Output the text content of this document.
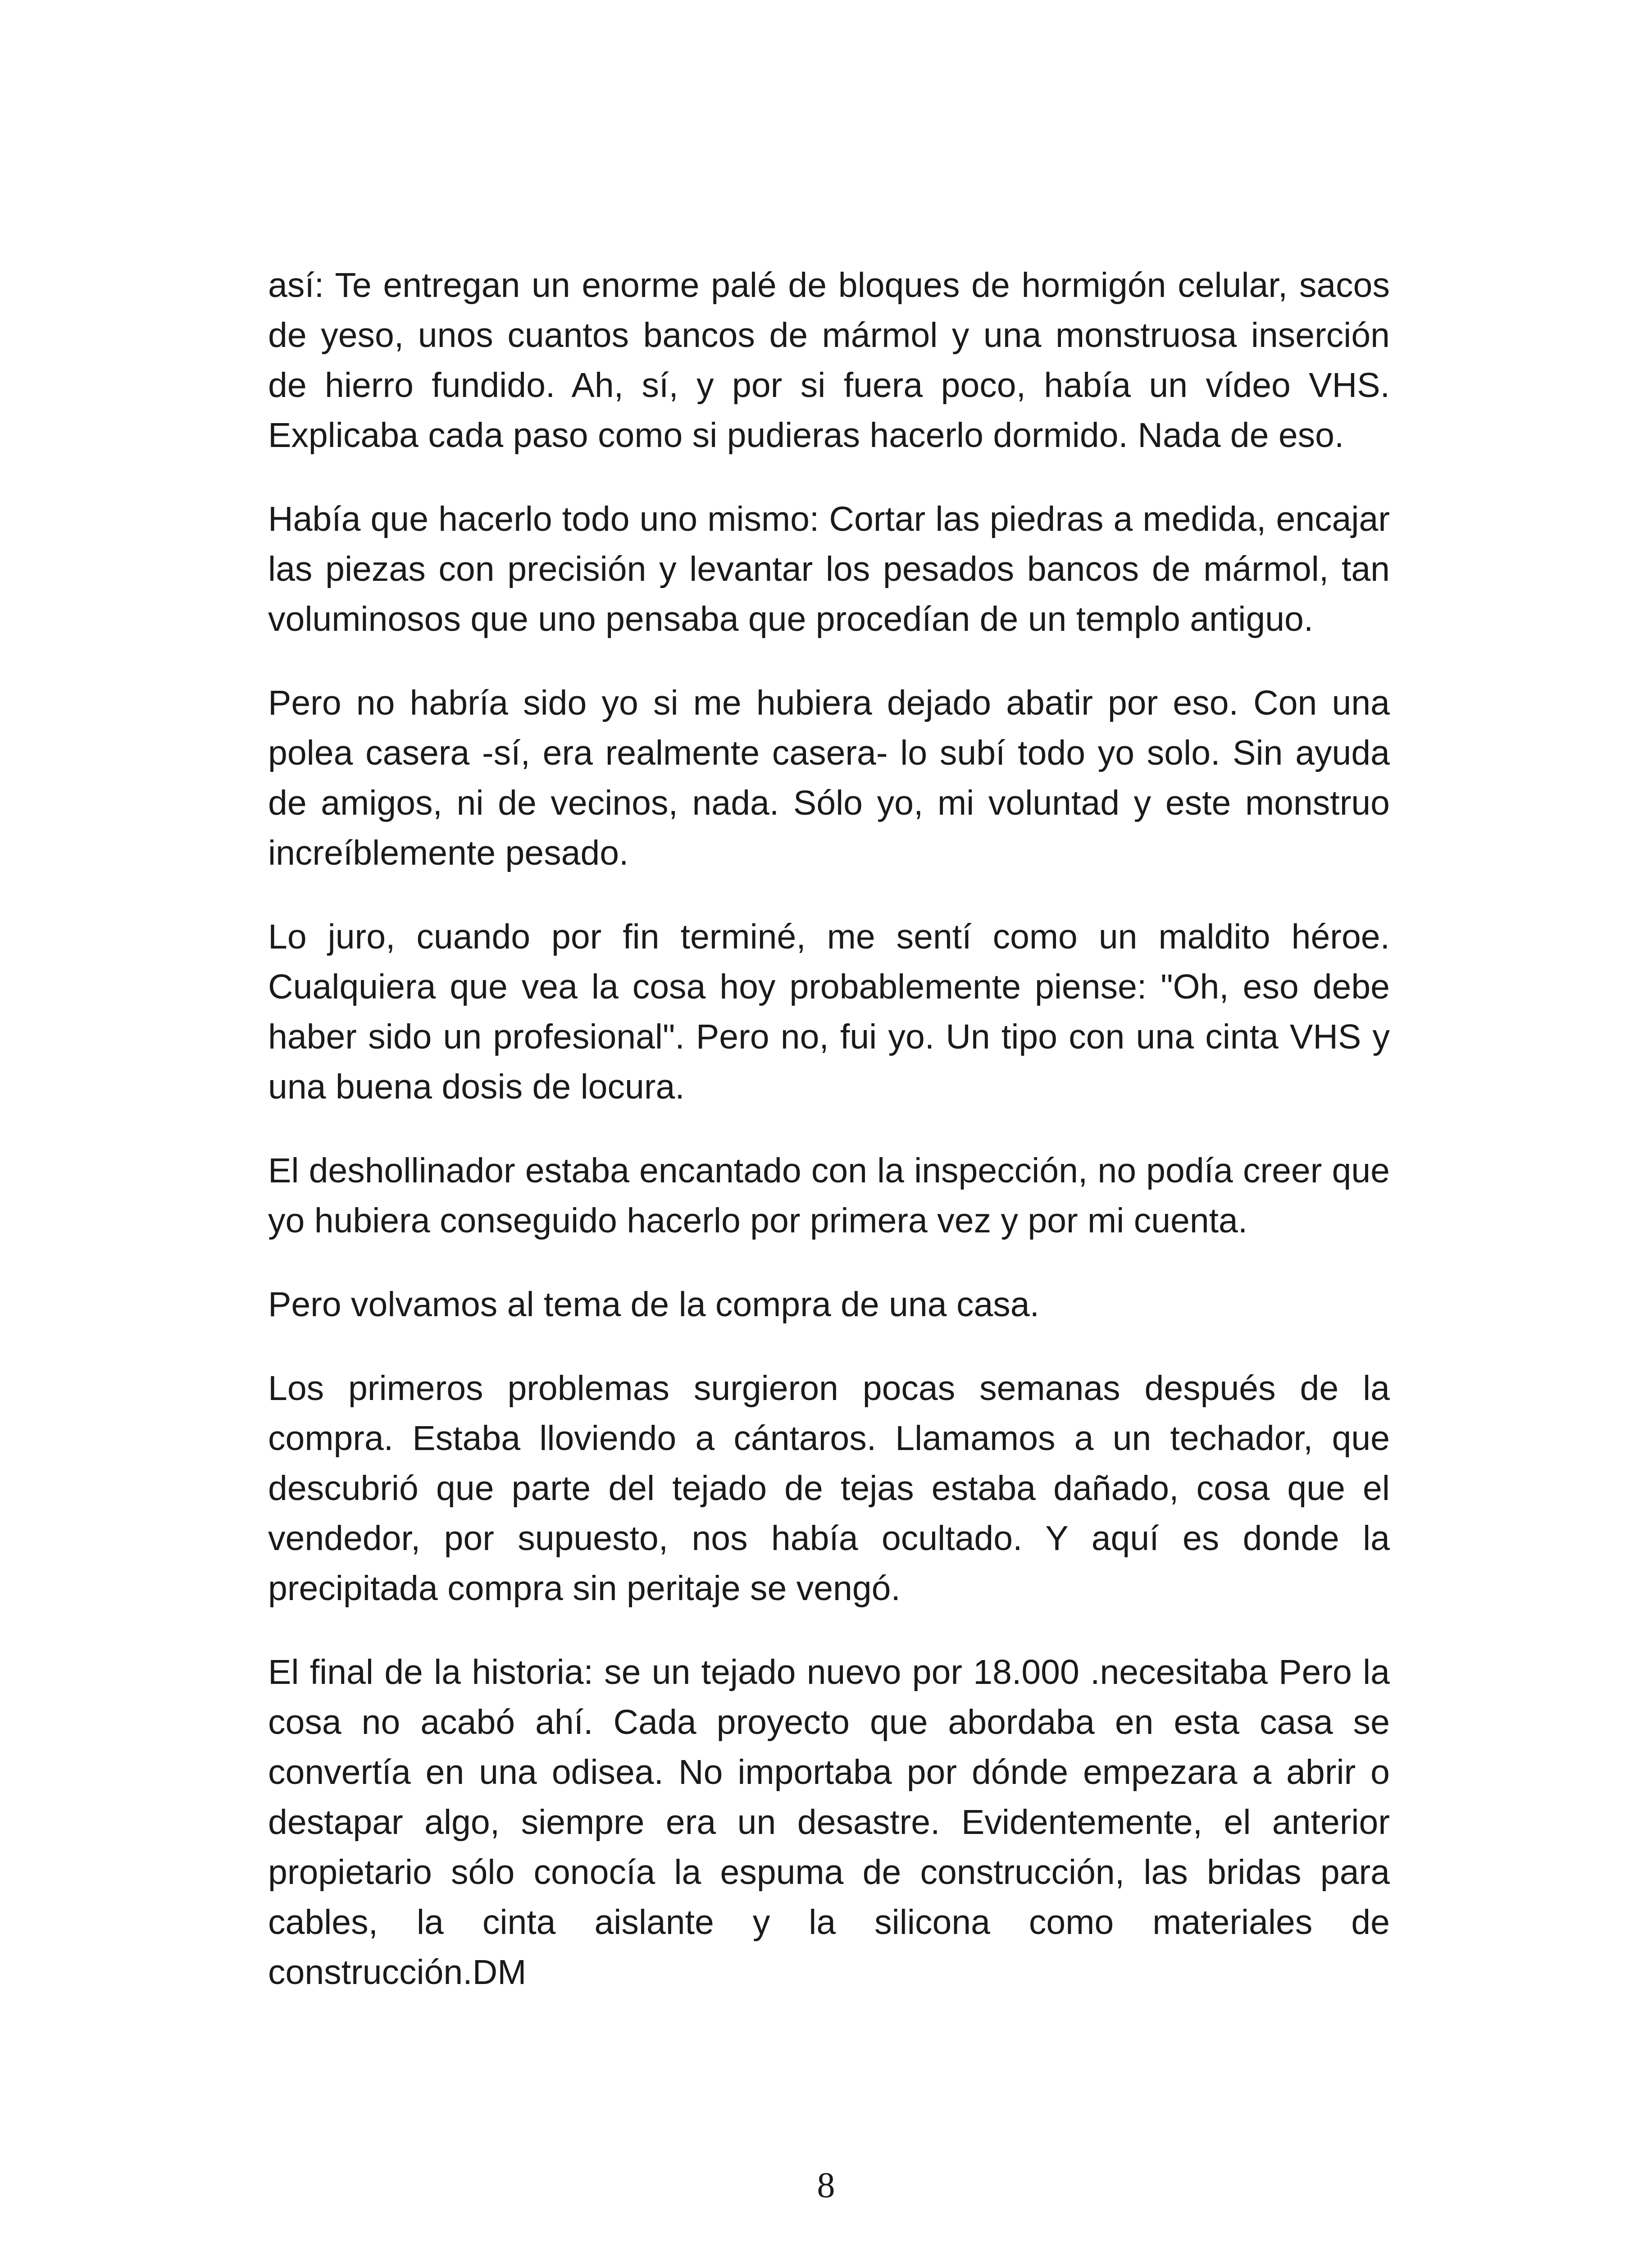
así: Te entregan un enorme palé de bloques de hormigón celular, sacos de yeso, unos cuantos bancos de mármol y una monstruosa inserción de hierro fundido. Ah, sí, y por si fuera poco, había un vídeo VHS. Explicaba cada paso como si pudieras hacerlo dormido. Nada de eso.

Había que hacerlo todo uno mismo: Cortar las piedras a medida, encajar las piezas con precisión y levantar los pesados bancos de mármol, tan voluminosos que uno pensaba que procedían de un templo antiguo.

Pero no habría sido yo si me hubiera dejado abatir por eso. Con una polea casera -sí, era realmente casera- lo subí todo yo solo. Sin ayuda de amigos, ni de vecinos, nada. Sólo yo, mi voluntad y este monstruo increíblemente pesado.

Lo juro, cuando por fin terminé, me sentí como un maldito héroe. Cualquiera que vea la cosa hoy probablemente piense: "Oh, eso debe haber sido un profesional". Pero no, fui yo. Un tipo con una cinta VHS y una buena dosis de locura.

El deshollinador estaba encantado con la inspección, no podía creer que yo hubiera conseguido hacerlo por primera vez y por mi cuenta.

Pero volvamos al tema de la compra de una casa.

Los primeros problemas surgieron pocas semanas después de la compra. Estaba lloviendo a cántaros. Llamamos a un techador, que descubrió que parte del tejado de tejas estaba dañado, cosa que el vendedor, por supuesto, nos había ocultado. Y aquí es donde la precipitada compra sin peritaje se vengó.

El final de la historia: se un tejado nuevo por 18.000 .necesitaba Pero la cosa no acabó ahí. Cada proyecto que abordaba en esta casa se convertía en una odisea. No importaba por dónde empezara a abrir o destapar algo, siempre era un desastre. Evidentemente, el anterior propietario sólo conocía la espuma de construcción, las bridas para cables, la cinta aislante y la silicona como materiales de construcción.DM

8
